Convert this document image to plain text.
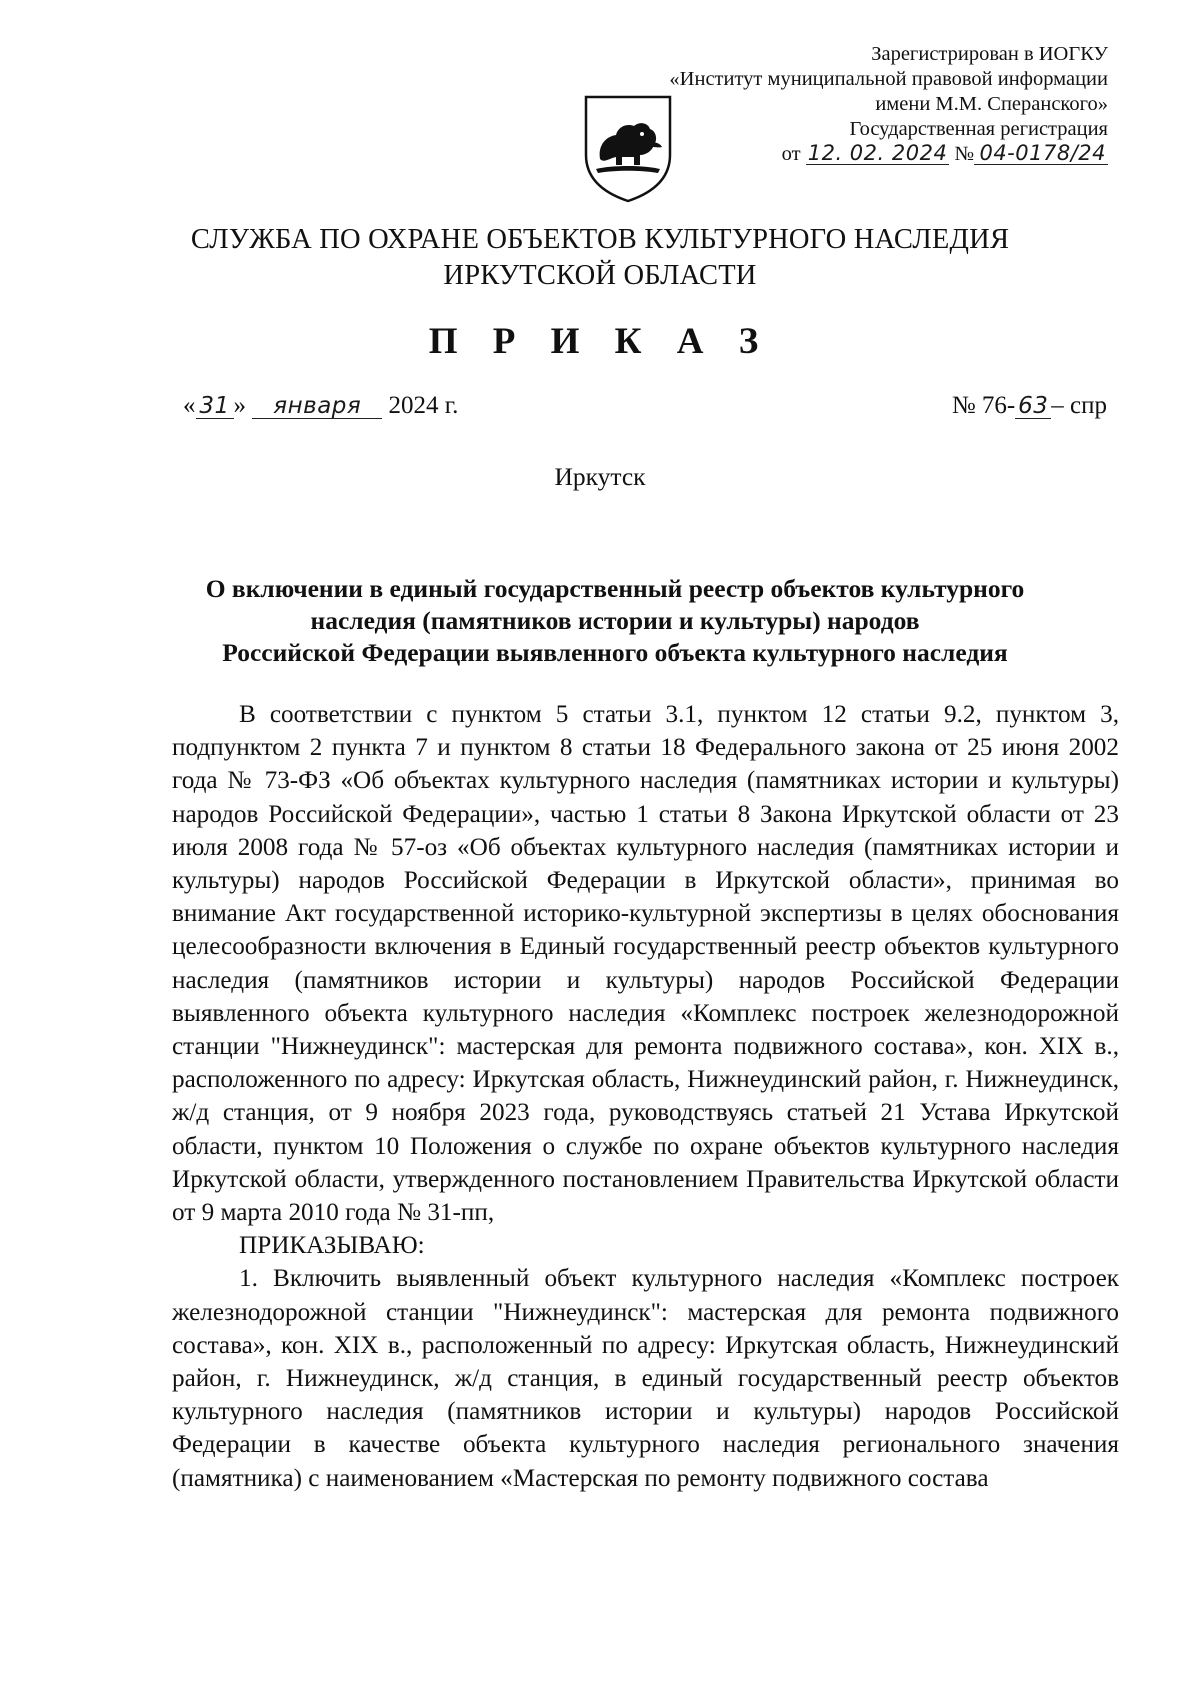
Зарегистрирован в ИОГКУ
«Институт муниципальной правовой информации
имени М.М. Сперанского»
Государственная регистрация
от 12. 02. 2024 № 04-0178/24
СЛУЖБА ПО ОХРАНЕ ОБЪЕКТОВ КУЛЬТУРНОГО НАСЛЕДИЯ
ИРКУТСКОЙ ОБЛАСТИ
П Р И К А З
« 31 » января 2024 г.	№ 76- 63 – спр
Иркутск
О включении в единый государственный реестр объектов культурного
наследия (памятников истории и культуры) народов
Российской Федерации выявленного объекта культурного наследия

В соответствии с пунктом 5 статьи 3.1, пунктом 12 статьи 9.2, пунктом 3, подпунктом 2 пункта 7 и пунктом 8 статьи 18 Федерального закона от 25 июня 2002 года № 73-ФЗ «Об объектах культурного наследия (памятниках истории и культуры) народов Российской Федерации», частью 1 статьи 8 Закона Иркутской области от 23 июля 2008 года № 57-оз «Об объектах культурного наследия (памятниках истории и культуры) народов Российской Федерации в Иркутской области», принимая во внимание Акт государственной историко-культурной экспертизы в целях обоснования целесообразности включения в Единый государственный реестр объектов культурного наследия (памятников истории и культуры) народов Российской Федерации выявленного объекта культурного наследия «Комплекс построек железнодорожной станции "Нижнеудинск": мастерская для ремонта подвижного состава», кон. XIX в., расположенного по адресу: Иркутская область, Нижнеудинский район, г. Нижнеудинск, ж/д станция, от 9 ноября 2023 года, руководствуясь статьей 21 Устава Иркутской области, пунктом 10 Положения о службе по охране объектов культурного наследия Иркутской области, утвержденного постановлением Правительства Иркутской области от 9 марта 2010 года № 31-пп,

ПРИКАЗЫВАЮ:

1. Включить выявленный объект культурного наследия «Комплекс построек железнодорожной станции "Нижнеудинск": мастерская для ремонта подвижного состава», кон. XIX в., расположенный по адресу: Иркутская область, Нижнеудинский район, г. Нижнеудинск, ж/д станция, в единый государственный реестр объектов культурного наследия (памятников истории и культуры) народов Российской Федерации в качестве объекта культурного наследия регионального значения (памятника) с наименованием «Мастерская по ремонту подвижного состава
